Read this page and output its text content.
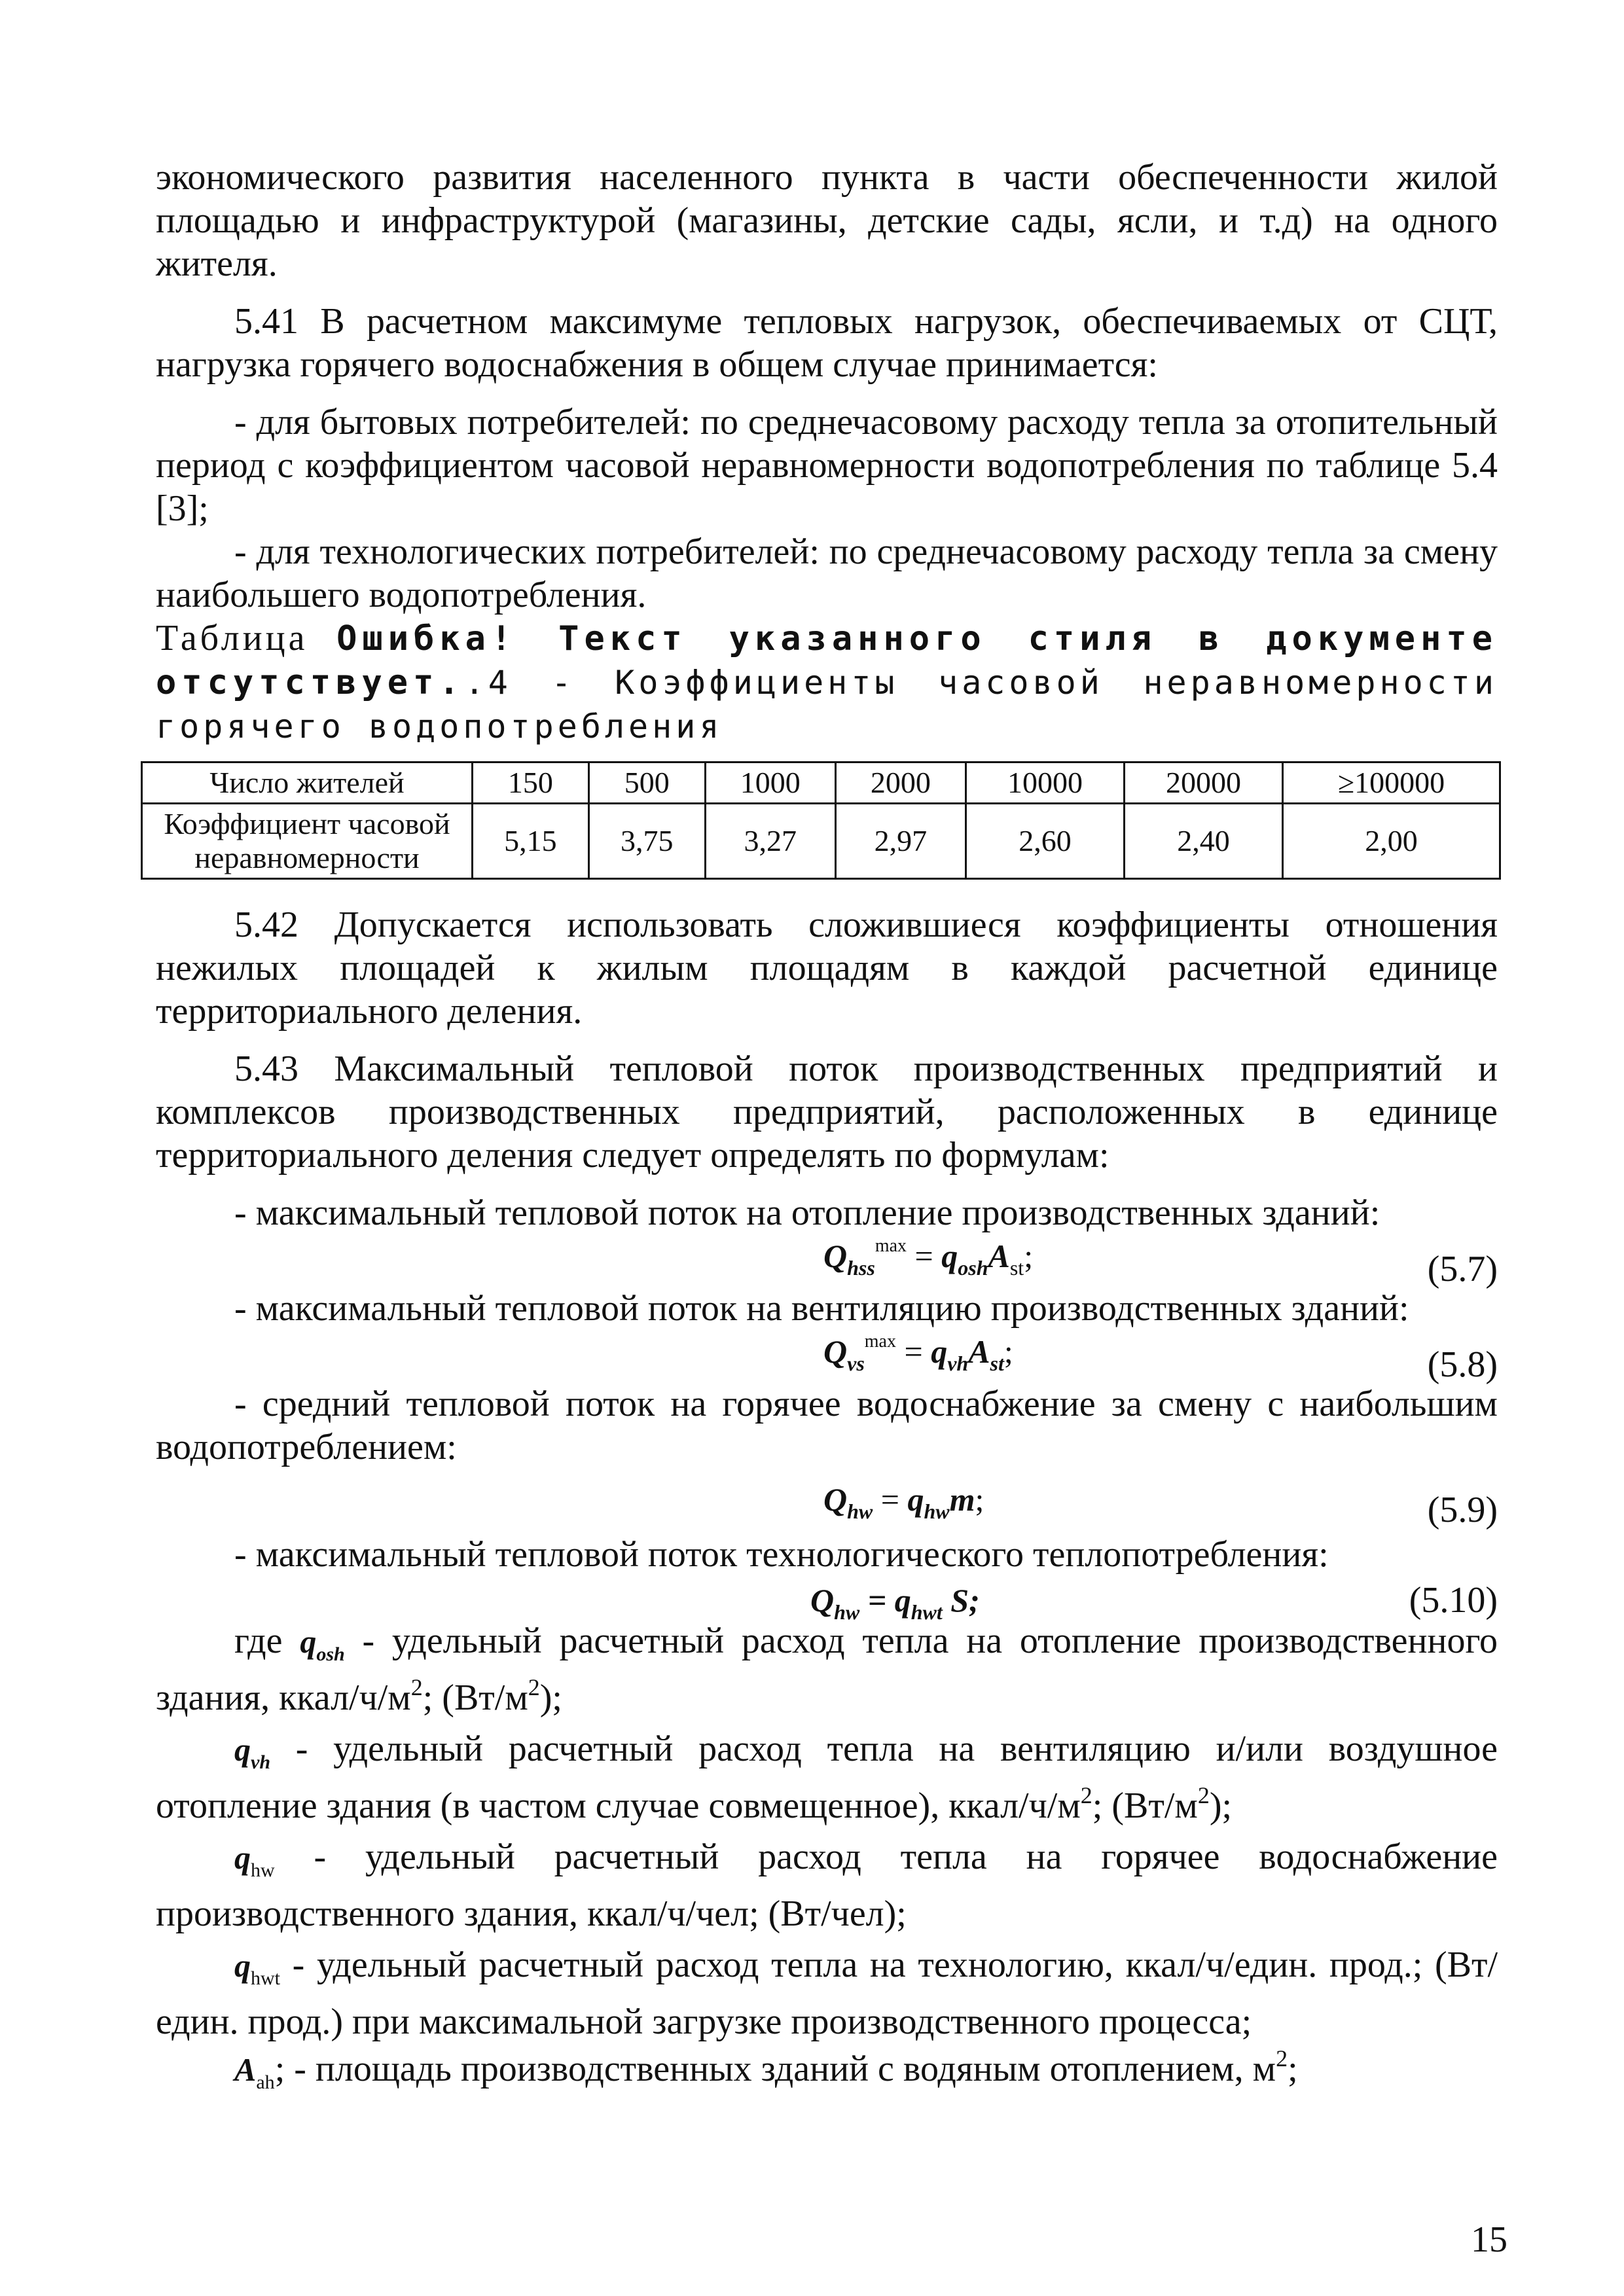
экономического развития населенного пункта в части обеспеченности жилой площадью и инфраструктурой (магазины, детские сады, ясли, и т.д) на одного жителя.

5.41 В расчетном максимуме тепловых нагрузок, обеспечиваемых от СЦТ, нагрузка горячего водоснабжения в общем случае принимается:

- для бытовых потребителей: по среднечасовому расходу тепла за отопительный период с коэффициентом часовой неравномерности водопотребления по таблице 5.4 [3];

- для технологических потребителей: по среднечасовому расходу тепла за смену наибольшего водопотребления.

Таблица Ошибка! Текст указанного стиля в документе отсутствует..4 - Коэффициенты часовой неравномерности горячего водопотребления

Число жителей	150	500	1000	2000	10000	20000	≥100000
Коэффициент часовой неравномерности	5,15	3,75	3,27	2,97	2,60	2,40	2,00

5.42 Допускается использовать сложившиеся коэффициенты отношения нежилых площадей к жилым площадям в каждой расчетной единице территориального деления.

5.43 Максимальный тепловой поток производственных предприятий и комплексов производственных предприятий, расположенных в единице территориального деления следует определять по формулам:

- максимальный тепловой поток на отопление производственных зданий:

$Q_{hss}^{max} = q_{osh}A_{st}$;	(5.7)

- максимальный тепловой поток на вентиляцию производственных зданий:

$Q_{vs}^{max} = q_{vh}A_{st}$;	(5.8)

- средний тепловой поток на горячее водоснабжение за смену с наибольшим водопотреблением:

$Q_{hw} = q_{hw}m$;	(5.9)

- максимальный тепловой поток технологического теплопотребления:

$Q_{hw} = q_{hwt}$ S;	(5.10)

где $q_{osh}$ - удельный расчетный расход тепла на отопление производственного здания, ккал/$ч/м^2$; $(Вт/м^2)$;

$q_{vh}$ - удельный расчетный расход тепла на вентиляцию и/или воздушное отопление здания (в частом случае совмещенное), ккал/$ч/м^2$; $(Вт/м^2)$;

$q_{hw}$ - удельный расчетный расход тепла на горячее водоснабжение производственного здания, ккал/ч/чел; (Вт/чел);

$q_{hwt}$ - удельный расчетный расход тепла на технологию, ккал/ч/един. прод.; (Вт/един. прод.) при максимальной загрузке производственного процесса;

$A_{ah}$; - площадь производственных зданий с водяным отоплением, $м^2$;

15
